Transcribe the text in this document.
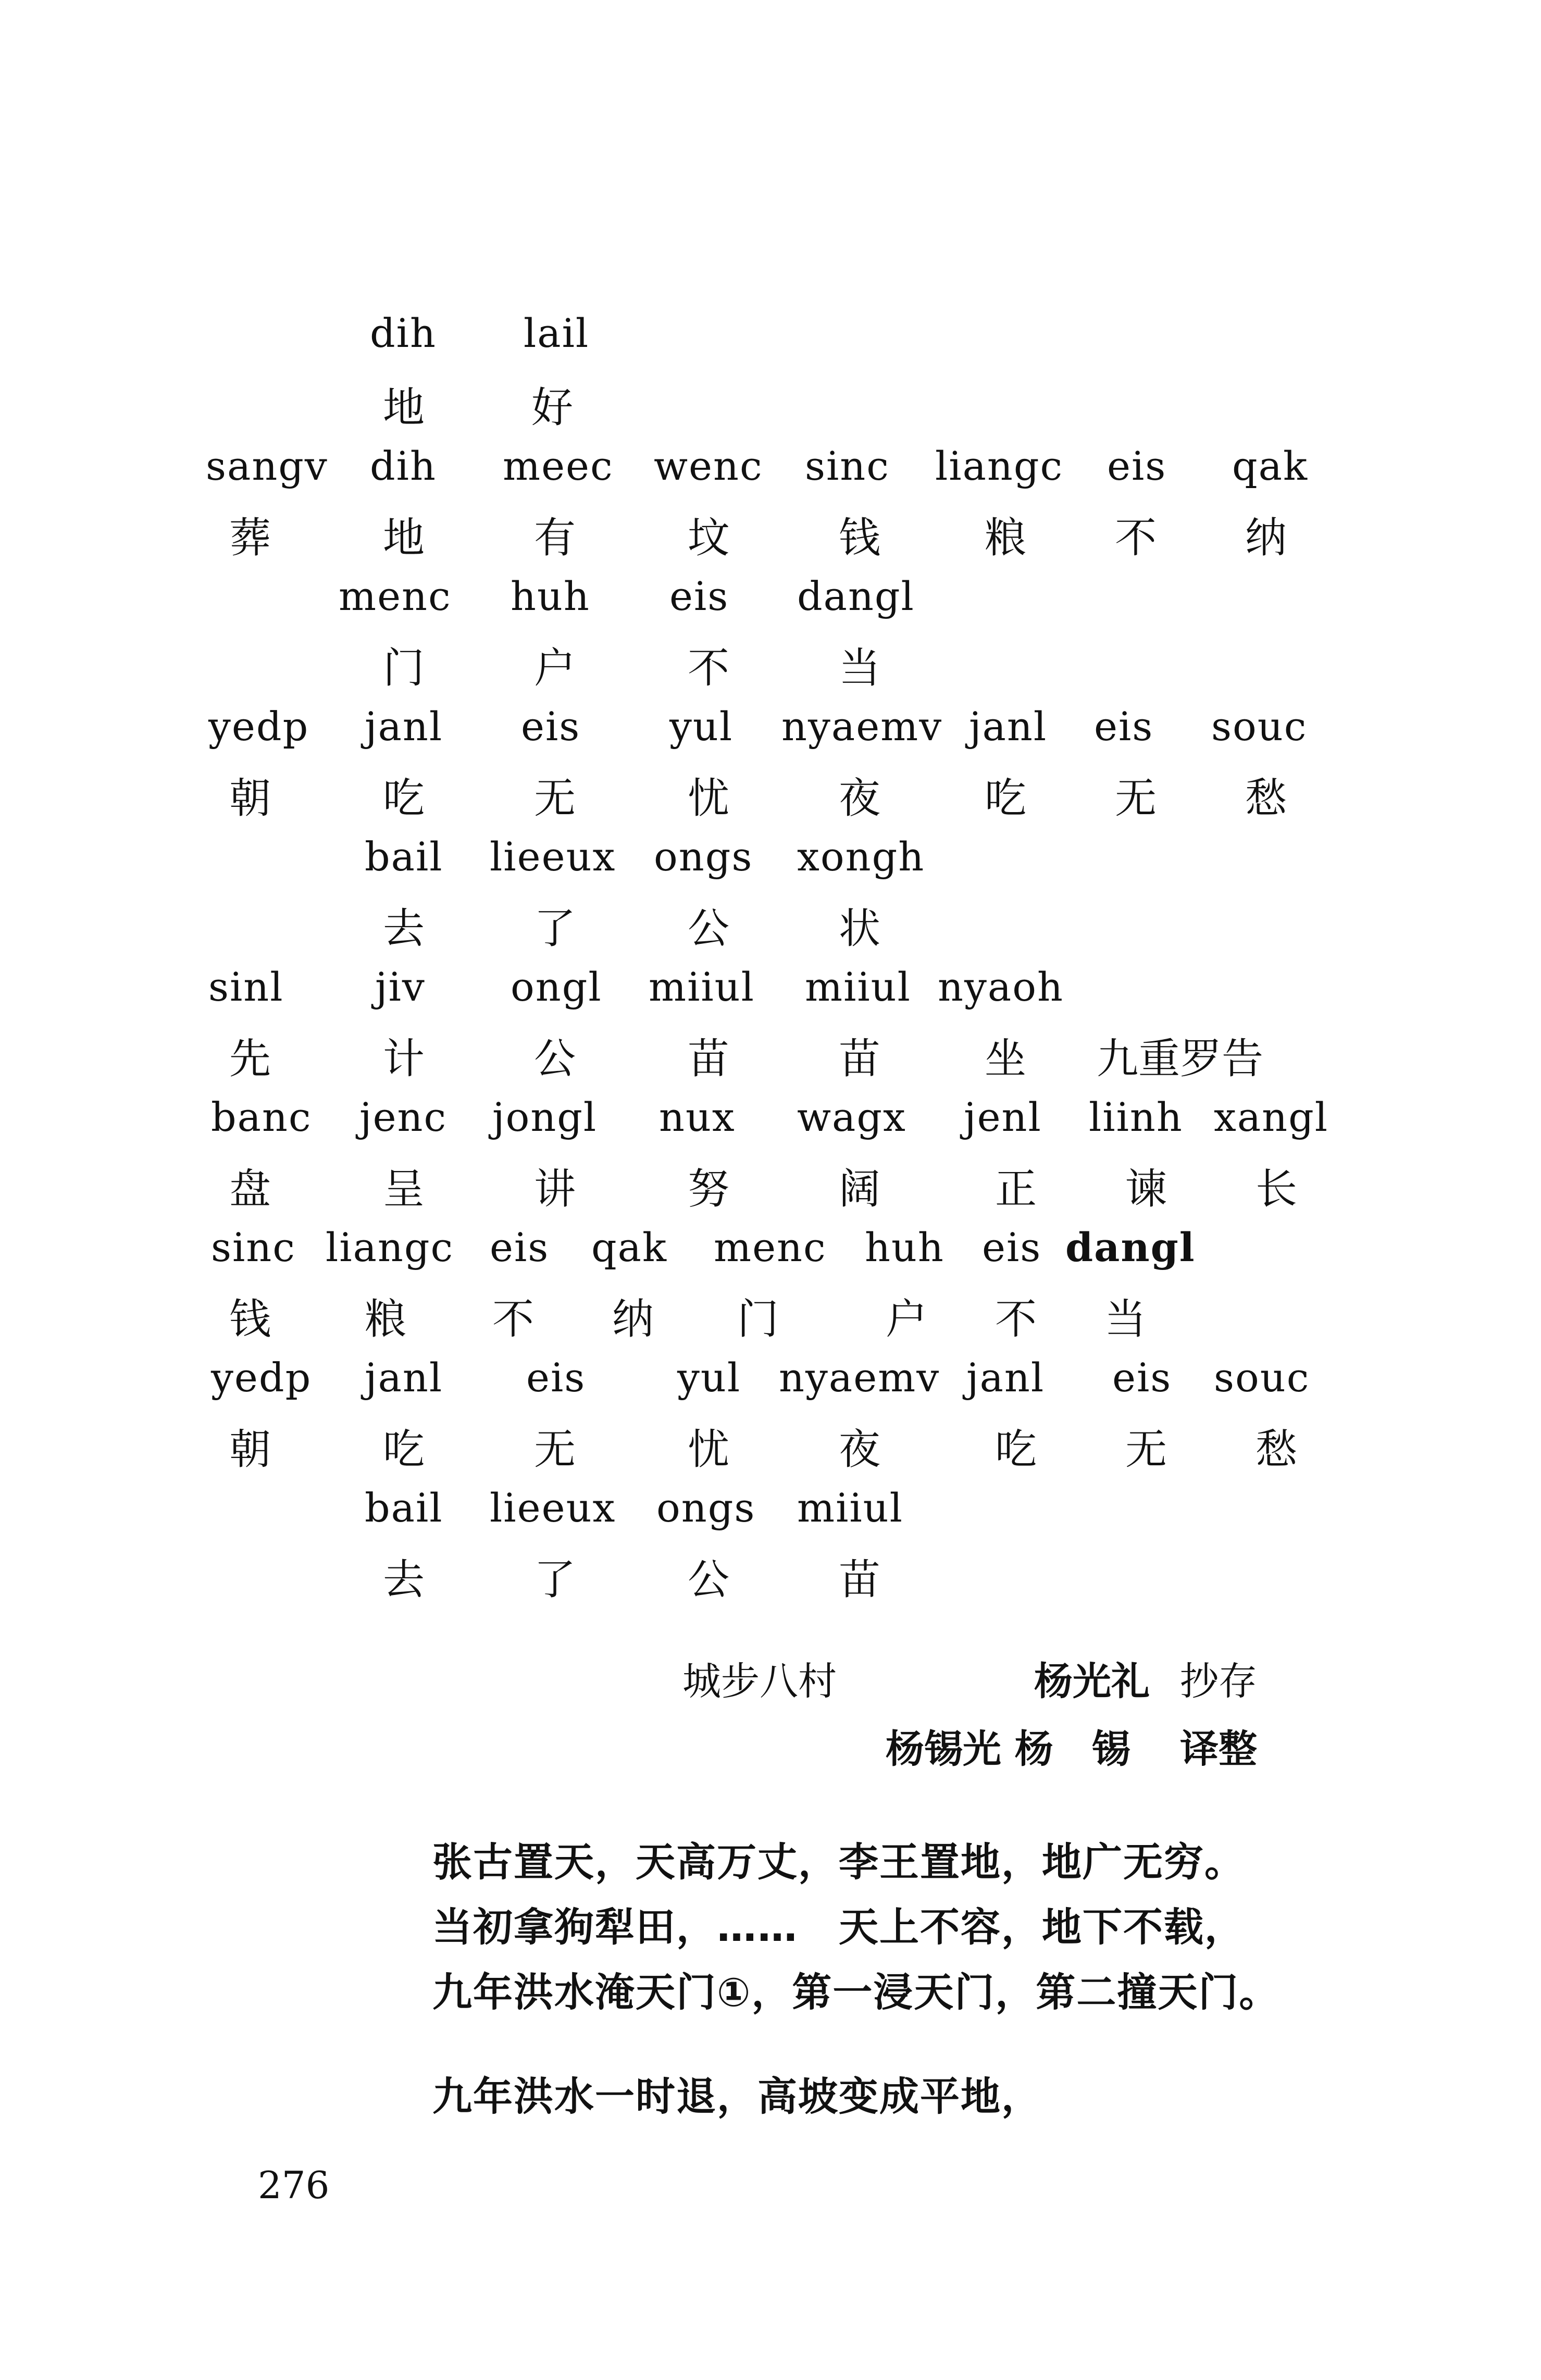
dih lail
地	好
sangv dih meec wenc sinc liangc eis qak
葬	地	有	坟	钱	粮 不 纳
menc huh eis dangl
门	户	不	当
yedp janl eis yul nyaemv janl eis souc
朝	吃	无	忧	夜	吃 无 愁
bail lieeux ongs xongh
去	了	公	状
sinl jiv ongl miiul miiul nyaoh
先	计	公	苗	苗	坐 九重罗告
banc jenc jongl nux wagx jenl liinh xangl
盘	呈	讲	努	阔	正 谏 长
sinc liangc eis qak menc huh eis dangl
钱 粮 不 纳 门	户 不 当
yedp janl eis yul nyaemv janl eis souc
朝	吃	无	忧	夜	吃 无 愁
bail lieeux ongs miiul
去	了	公	苗
城步八村	杨光礼 抄存
杨锡光 杨　锡 译整
张古置天，天高万丈，李王置地，地广无穷。
当初拿狗犁田，……　天上不容，地下不载，
九年洪水淹天门①，第一浸天门，第二撞天门。
九年洪水一时退，高坡变成平地，
276
